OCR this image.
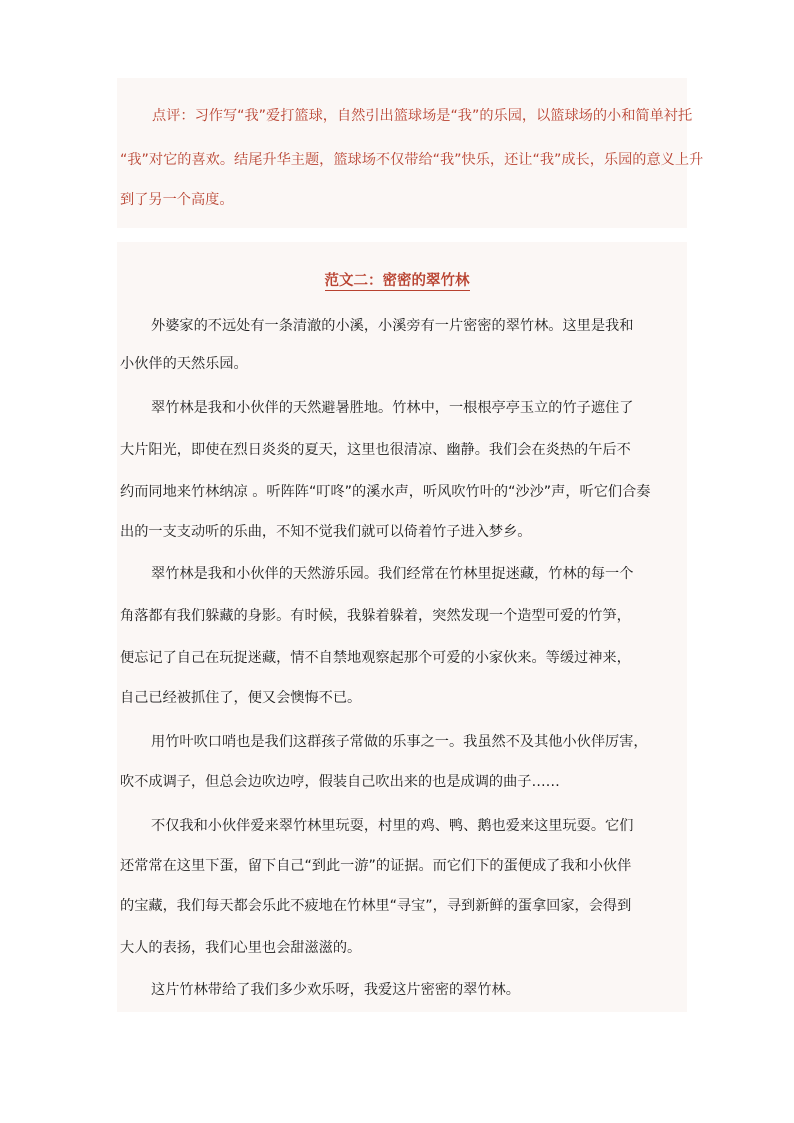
点评：习作写“我”爱打篮球，自然引出篮球场是“我”的乐园，以篮球场的小和简单衬托
“我”对它的喜欢。结尾升华主题，篮球场不仅带给“我”快乐，还让“我”成长，乐园的意义上升
到了另一个高度。
范文二：密密的翠竹林
外婆家的不远处有一条清澈的小溪，小溪旁有一片密密的翠竹林。这里是我和
小伙伴的天然乐园。
翠竹林是我和小伙伴的天然避暑胜地。竹林中，一根根亭亭玉立的竹子遮住了
大片阳光，即使在烈日炎炎的夏天，这里也很清凉、幽静。我们会在炎热的午后不
约而同地来竹林纳凉 。听阵阵“叮咚”的溪水声，听风吹竹叶的“沙沙”声，听它们合奏
出的一支支动听的乐曲，不知不觉我们就可以倚着竹子进入梦乡。
翠竹林是我和小伙伴的天然游乐园。我们经常在竹林里捉迷藏，竹林的每一个
角落都有我们躲藏的身影。有时候，我躲着躲着，突然发现一个造型可爱的竹笋，
便忘记了自己在玩捉迷藏，情不自禁地观察起那个可爱的小家伙来。等缓过神来，
自己已经被抓住了，便又会懊悔不已。
用竹叶吹口哨也是我们这群孩子常做的乐事之一。我虽然不及其他小伙伴厉害，
吹不成调子，但总会边吹边哼，假装自己吹出来的也是成调的曲子……
不仅我和小伙伴爱来翠竹林里玩耍，村里的鸡、鸭、鹅也爱来这里玩耍。它们
还常常在这里下蛋，留下自己“到此一游”的证据。而它们下的蛋便成了我和小伙伴
的宝藏，我们每天都会乐此不疲地在竹林里“寻宝”，寻到新鲜的蛋拿回家，会得到
大人的表扬，我们心里也会甜滋滋的。
这片竹林带给了我们多少欢乐呀，我爱这片密密的翠竹林。
